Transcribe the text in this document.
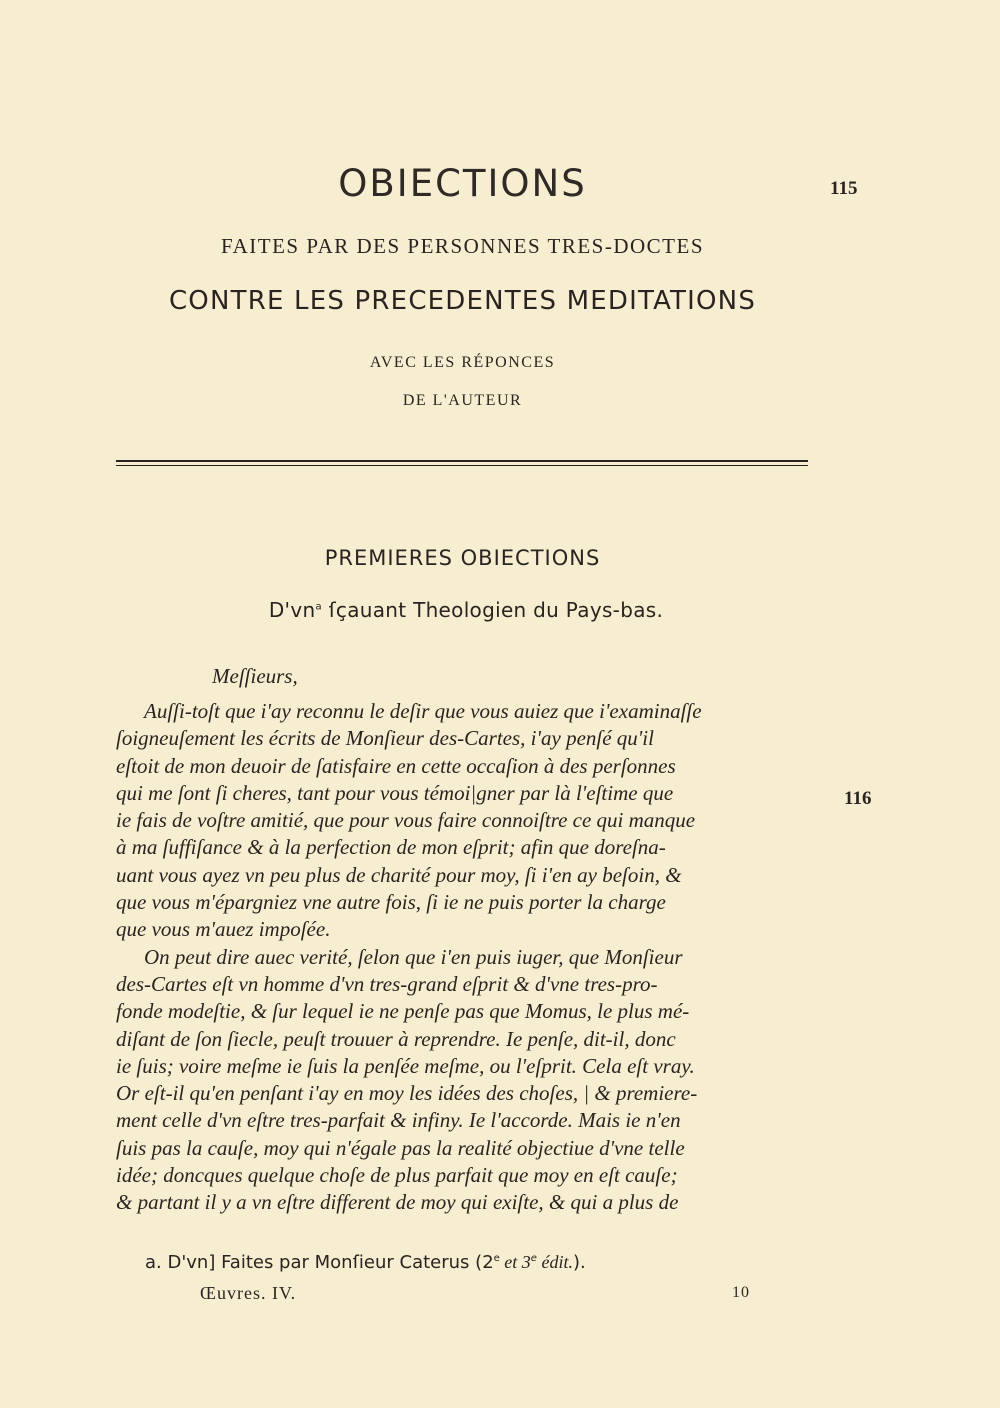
115
OBIECTIONS
FAITES PAR DES PERSONNES TRES-DOCTES
CONTRE LES PRECEDENTES MEDITATIONS
AVEC LES RÉPONCES
DE L'AUTEUR
PREMIERES OBIECTIONS
$D'vn^a$ ſçauant Theologien du Pays-bas.
Meſſieurs,
116
Auſſi-toſt que i'ay reconnu le deſir que vous auiez que i'examinaſſe
ſoigneuſement les écrits de Monſieur des-Cartes, i'ay penſé qu'il
eſtoit de mon deuoir de ſatisfaire en cette occaſion à des perſonnes
qui me ſont ſi cheres, tant pour vous témoi|gner par là l'eſtime que
ie fais de voſtre amitié, que pour vous faire connoiſtre ce qui manque
à ma ſuffiſance & à la perfection de mon eſprit; afin que doreſna-
uant vous ayez vn peu plus de charité pour moy, ſi i'en ay beſoin, &
que vous m'épargniez vne autre fois, ſi ie ne puis porter la charge
que vous m'auez impoſée.
On peut dire auec verité, ſelon que i'en puis iuger, que Monſieur
des-Cartes eſt vn homme d'vn tres-grand eſprit & d'vne tres-pro-
fonde modeſtie, & ſur lequel ie ne penſe pas que Momus, le plus mé-
diſant de ſon ſiecle, peuſt trouuer à reprendre. Ie penſe, dit-il, donc
ie ſuis; voire meſme ie ſuis la penſée meſme, ou l'eſprit. Cela eſt vray.
Or eſt-il qu'en penſant i'ay en moy les idées des choſes, | & premiere-
ment celle d'vn eſtre tres-parfait & infiny. Ie l'accorde. Mais ie n'en
ſuis pas la cauſe, moy qui n'égale pas la realité objectiue d'vne telle
idée; doncques quelque choſe de plus parfait que moy en eſt cauſe;
& partant il y a vn eſtre different de moy qui exiſte, & qui a plus de
a. D'vn] Faites par Monſieur Caterus (2e et 3e édit.).
Œuvres. IV.	10
